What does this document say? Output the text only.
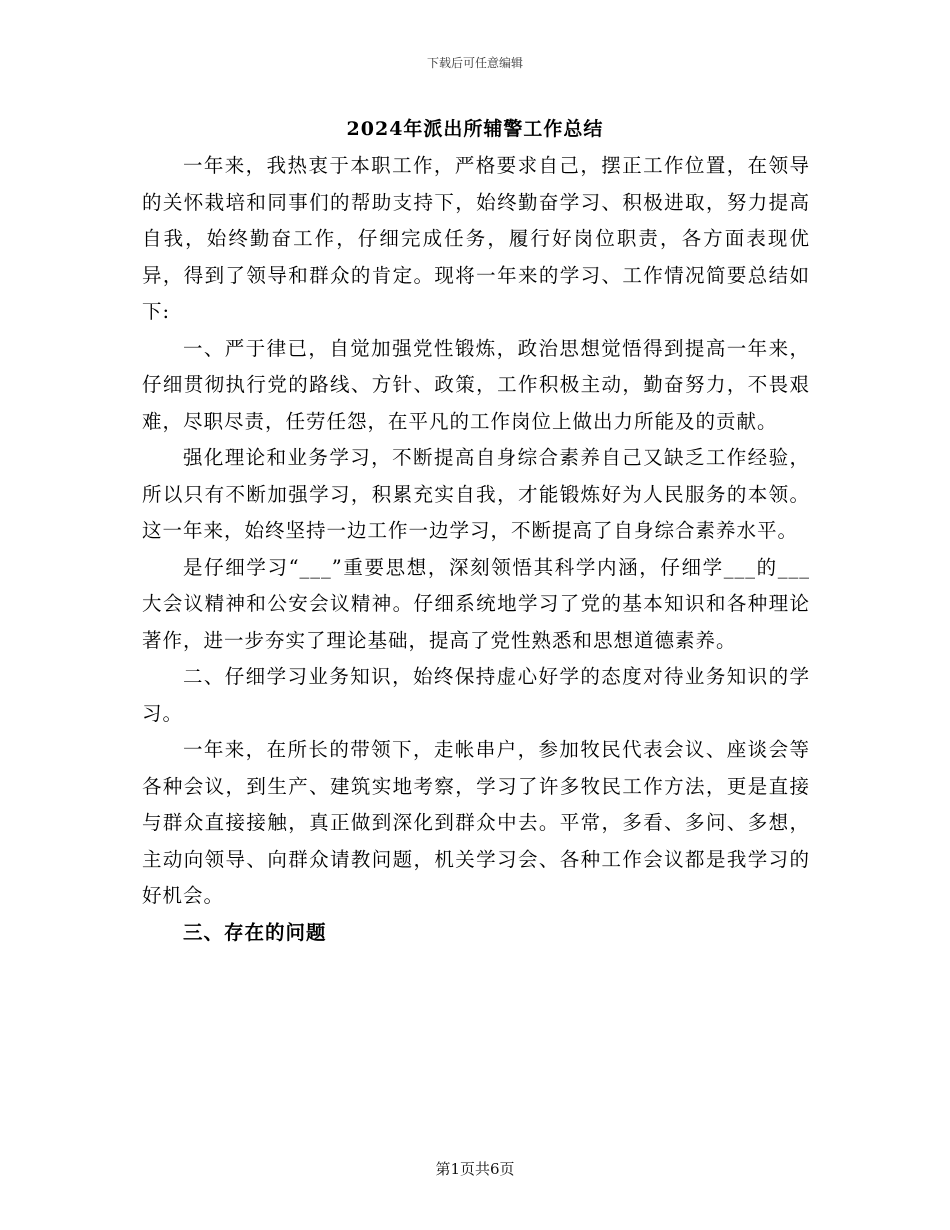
下载后可任意编辑
2024年派出所辅警工作总结

一年来，我热衷于本职工作，严格要求自己，摆正工作位置，在领导的关怀栽培和同事们的帮助支持下，始终勤奋学习、积极进取，努力提高自我，始终勤奋工作，仔细完成任务，履行好岗位职责，各方面表现优异，得到了领导和群众的肯定。现将一年来的学习、工作情况简要总结如下:

一、严于律已，自觉加强党性锻炼，政治思想觉悟得到提高一年来，仔细贯彻执行党的路线、方针、政策，工作积极主动，勤奋努力，不畏艰难，尽职尽责，任劳任怨，在平凡的工作岗位上做出力所能及的贡献。

强化理论和业务学习，不断提高自身综合素养自己又缺乏工作经验，所以只有不断加强学习，积累充实自我，才能锻炼好为人民服务的本领。这一年来，始终坚持一边工作一边学习，不断提高了自身综合素养水平。

是仔细学习“___”重要思想，深刻领悟其科学内涵，仔细学___的___大会议精神和公安会议精神。仔细系统地学习了党的基本知识和各种理论著作，进一步夯实了理论基础，提高了党性熟悉和思想道德素养。

二、仔细学习业务知识，始终保持虚心好学的态度对待业务知识的学习。

一年来，在所长的带领下，走帐串户，参加牧民代表会议、座谈会等各种会议，到生产、建筑实地考察，学习了许多牧民工作方法，更是直接与群众直接接触，真正做到深化到群众中去。平常，多看、多问、多想，主动向领导、向群众请教问题，机关学习会、各种工作会议都是我学习的好机会。

三、存在的问题

第1页共6页
